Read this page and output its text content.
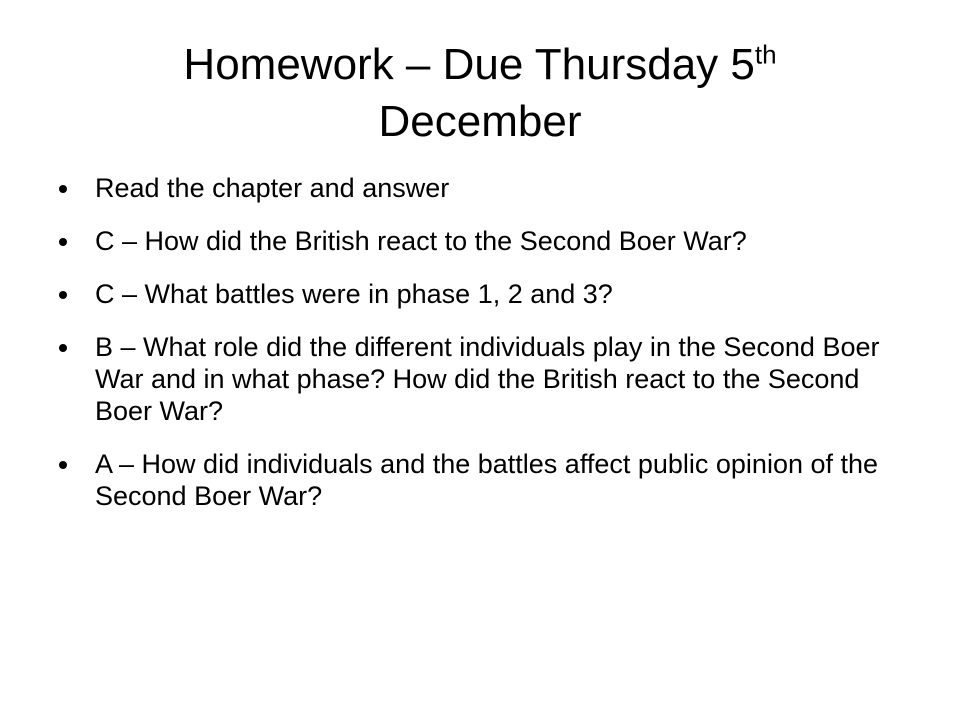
Homework – Due Thursday 5th
December
Read the chapter and answer
C – How did the British react to the Second Boer War?
C – What battles were in phase 1, 2 and 3?
B – What role did the different individuals play in the Second Boer War and in what phase? How did the British react to the Second Boer War?
A – How did individuals and the battles affect public opinion of the Second Boer War?
